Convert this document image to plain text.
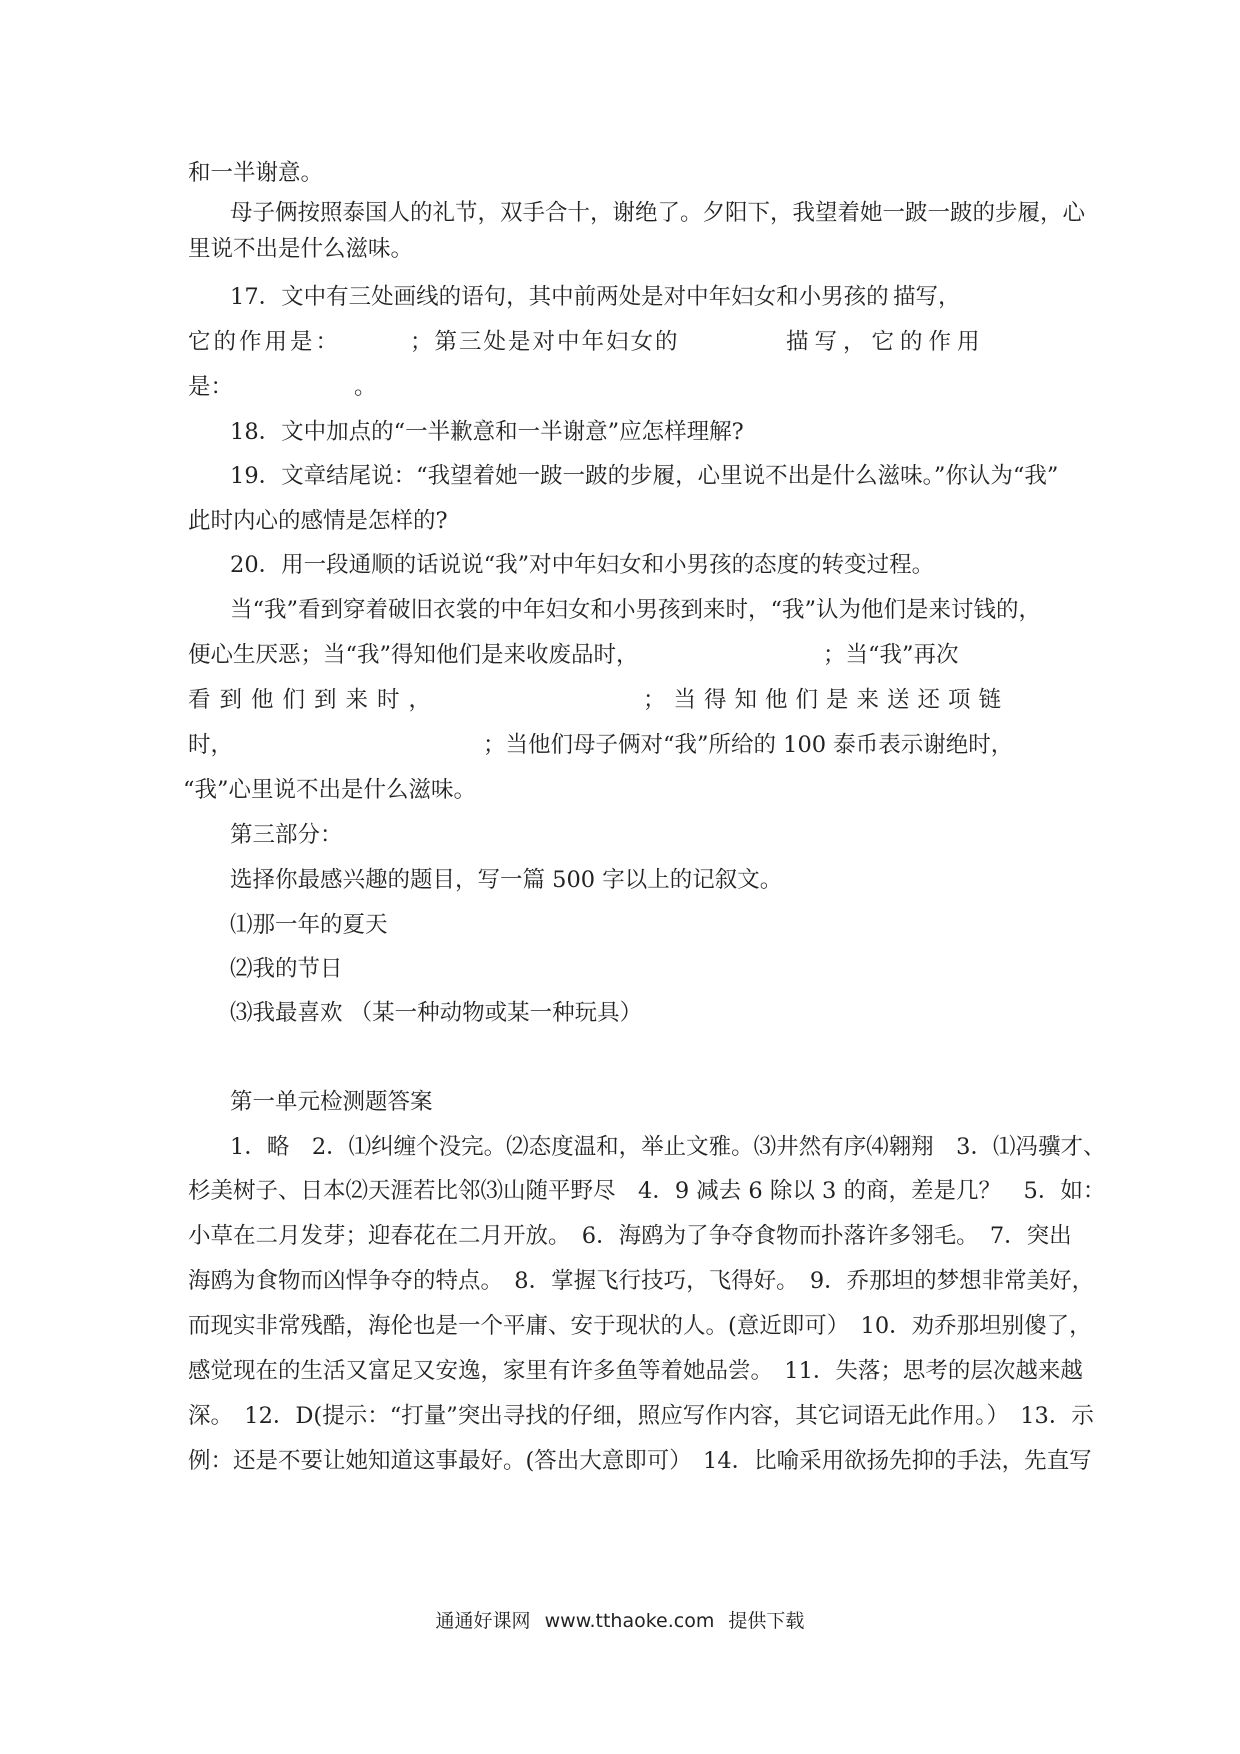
和一半谢意。
母子俩按照泰国人的礼节，双手合十，谢绝了。夕阳下，我望着她一跛一跛的步履，心
里说不出是什么滋味。
17．文中有三处画线的语句，其中前两处是对中年妇女和小男孩的 描写，
它的作用是：	；第三处是对中年妇女的	描写，它的作用
是：	。
18．文中加点的“一半歉意和一半谢意”应怎样理解?
19．文章结尾说：“我望着她一跛一跛的步履，心里说不出是什么滋味。”你认为“我”
此时内心的感情是怎样的?
20．用一段通顺的话说说“我”对中年妇女和小男孩的态度的转变过程。
当“我”看到穿着破旧衣裳的中年妇女和小男孩到来时，“我”认为他们是来讨钱的，
便心生厌恶；当“我”得知他们是来收废品时，	；当“我”再次
看到他们到来时，	；当得知他们是来送还项链
时，	；当他们母子俩对“我”所给的 100 泰币表示谢绝时，
“我”心里说不出是什么滋味。
第三部分：
选择你最感兴趣的题目，写一篇 500 字以上的记叙文。
⑴那一年的夏天
⑵我的节日
⑶我最喜欢 （某一种动物或某一种玩具）
第一单元检测题答案
1．略　2．⑴纠缠个没完。⑵态度温和，举止文雅。⑶井然有序⑷翱翔　3．⑴冯骥才、
杉美树子、日本⑵天涯若比邻⑶山随平野尽　4．9 减去 6 除以 3 的商，差是几？　5．如：
小草在二月发芽；迎春花在二月开放。　6．海鸥为了争夺食物而扑落许多翎毛。　7．突出
海鸥为食物而凶悍争夺的特点。　8．掌握飞行技巧，飞得好。　9．乔那坦的梦想非常美好，
而现实非常残酷，海伦也是一个平庸、安于现状的人。(意近即可）　10．劝乔那坦别傻了，
感觉现在的生活又富足又安逸，家里有许多鱼等着她品尝。　11．失落；思考的层次越来越
深。　12．D(提示：“打量”突出寻找的仔细，照应写作内容，其它词语无此作用。）　13．示
例：还是不要让她知道这事最好。(答出大意即可）　14．比喻采用欲扬先抑的手法，先直写
通通好课网 www.tthaoke.com 提供下载
